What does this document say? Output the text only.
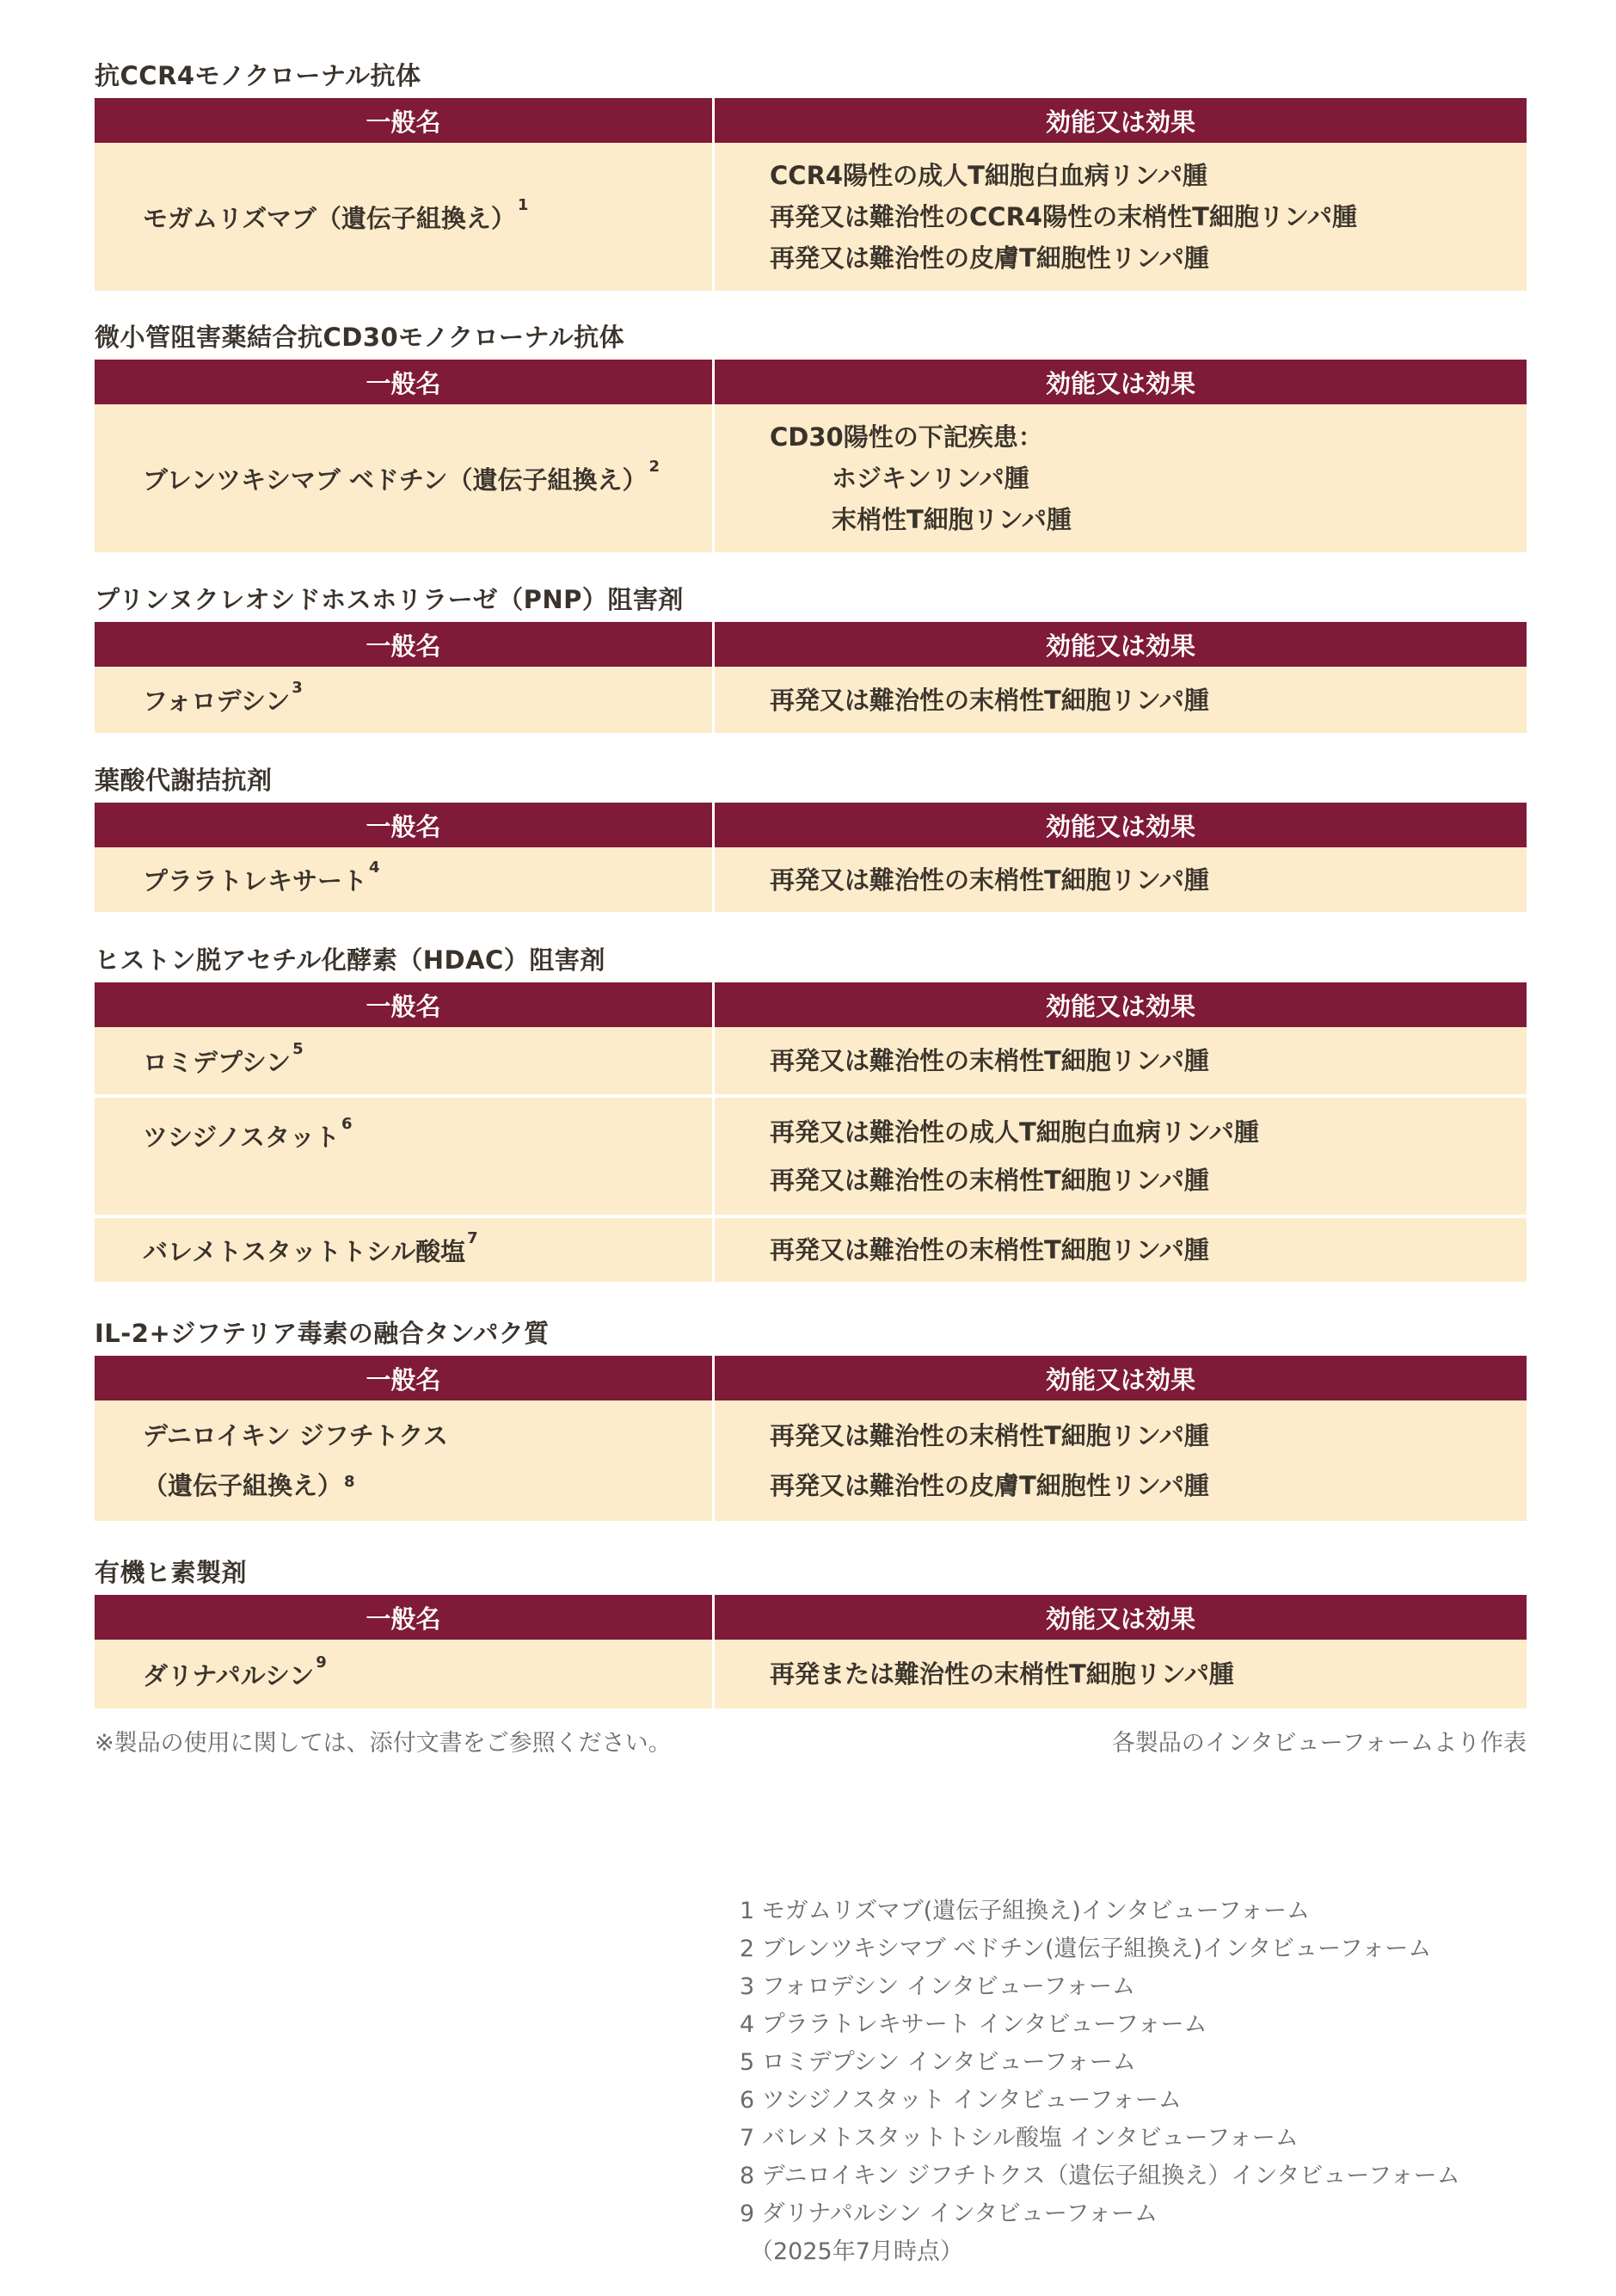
抗CCR4モノクローナル抗体
一般名	効能又は効果
モガムリズマブ（遺伝子組換え） $^1$	CCR4陽性の成人T細胞白血病リンパ腫
再発又は難治性のCCR4陽性の末梢性T細胞リンパ腫
再発又は難治性の皮膚T細胞性リンパ腫
微小管阻害薬結合抗CD30モノクローナル抗体
一般名	効能又は効果
ブレンツキシマブ ベドチン（遺伝子組換え） $^2$	CD30陽性の下記疾患：
ホジキンリンパ腫
末梢性T細胞リンパ腫
プリンヌクレオシドホスホリラーゼ（PNP）阻害剤
一般名	効能又は効果
フォロデシン $^3$	再発又は難治性の末梢性T細胞リンパ腫
葉酸代謝拮抗剤
一般名	効能又は効果
プララトレキサート $^4$	再発又は難治性の末梢性T細胞リンパ腫
ヒストン脱アセチル化酵素（HDAC）阻害剤
一般名	効能又は効果
ロミデプシン $^5$	再発又は難治性の末梢性T細胞リンパ腫

ツシジノスタット $^6$	再発又は難治性の成人T細胞白血病リンパ腫
再発又は難治性の末梢性T細胞リンパ腫

バレメトスタットトシル酸塩 $^7$	再発又は難治性の末梢性T細胞リンパ腫
IL-2+ジフテリア毒素の融合タンパク質
一般名	効能又は効果

デニロイキン ジフチトクス
（遺伝子組換え） $^8$	再発又は難治性の末梢性T細胞リンパ腫
再発又は難治性の皮膚T細胞性リンパ腫
有機ヒ素製剤
一般名	効能又は効果
ダリナパルシン $^9$	再発または難治性の末梢性T細胞リンパ腫
※製品の使用に関しては、添付文書をご参照ください。	各製品のインタビューフォームより作表
1 モガムリズマブ(遺伝子組換え)インタビューフォーム
2 ブレンツキシマブ ベドチン(遺伝子組換え)インタビューフォーム
3 フォロデシン インタビューフォーム
4 プララトレキサート インタビューフォーム
5 ロミデプシン インタビューフォーム
6 ツシジノスタット インタビューフォーム
7 バレメトスタットトシル酸塩 インタビューフォーム
8 デニロイキン ジフチトクス（遺伝子組換え）インタビューフォーム
9 ダリナパルシン インタビューフォーム
（2025年7月時点）
